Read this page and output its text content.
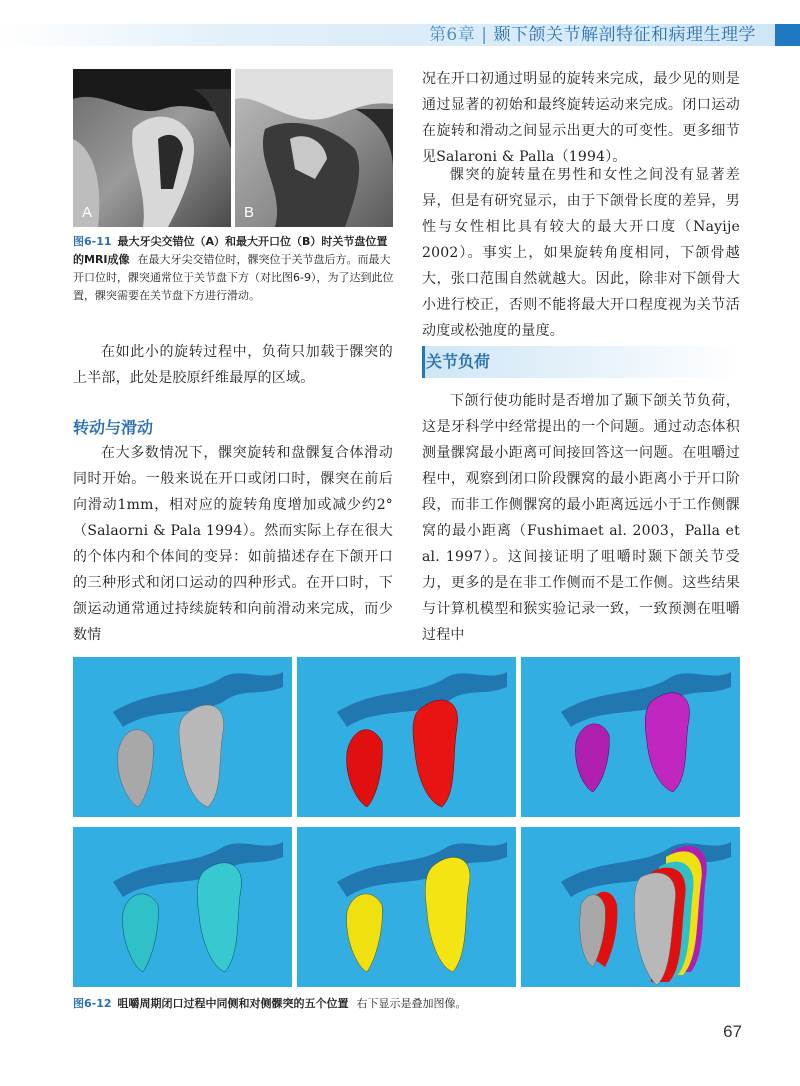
第6章 | 颞下颌关节解剖特征和病理生理学
A	B
图6-11 最大牙尖交错位（A）和最大开口位（B）时关节盘位置的MRI成像 在最大牙尖交错位时，髁突位于关节盘后方。而最大开口位时，髁突通常位于关节盘下方（对比图6-9），为了达到此位置，髁突需要在关节盘下方进行滑动。
在如此小的旋转过程中，负荷只加载于髁突的上半部，此处是胶原纤维最厚的区域。
转动与滑动
在大多数情况下，髁突旋转和盘髁复合体滑动同时开始。一般来说在开口或闭口时，髁突在前后向滑动1mm，相对应的旋转角度增加或减少约2°（Salaorni & Pala 1994）。然而实际上存在很大的个体内和个体间的变异：如前描述存在下颌开口的三种形式和闭口运动的四种形式。在开口时，下颌运动通常通过持续旋转和向前滑动来完成，而少数情
况在开口初通过明显的旋转来完成，最少见的则是通过显著的初始和最终旋转运动来完成。闭口运动在旋转和滑动之间显示出更大的可变性。更多细节见Salaroni & Palla（1994）。
髁突的旋转量在男性和女性之间没有显著差异，但是有研究显示，由于下颌骨长度的差异，男性与女性相比具有较大的最大开口度（Nayije 2002）。事实上，如果旋转角度相同，下颌骨越大，张口范围自然就越大。因此，除非对下颌骨大小进行校正，否则不能将最大开口程度视为关节活动度或松弛度的量度。
关节负荷
下颌行使功能时是否增加了颞下颌关节负荷，这是牙科学中经常提出的一个问题。通过动态体积测量髁窝最小距离可间接回答这一问题。在咀嚼过程中，观察到闭口阶段髁窝的最小距离小于开口阶段，而非工作侧髁窝的最小距离远远小于工作侧髁窝的最小距离（Fushimaet al. 2003，Palla et al. 1997）。这间接证明了咀嚼时颞下颌关节受力，更多的是在非工作侧而不是工作侧。这些结果与计算机模型和猴实验记录一致，一致预测在咀嚼过程中
图6-12 咀嚼周期闭口过程中同侧和对侧髁突的五个位置 右下显示是叠加图像。
67
